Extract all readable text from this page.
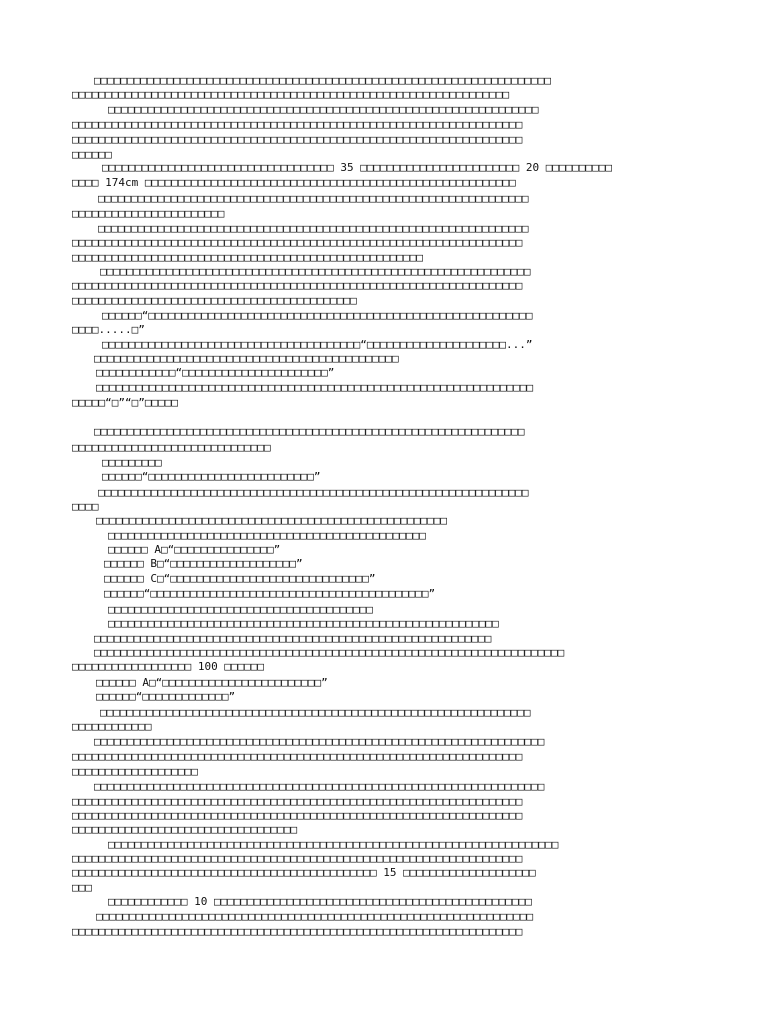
□□□□□□□□□□□□□□□□□□□□□□□□□□□□□□□□□□□□□□□□□□□□□□□□□□□□□□□□□□□□□□□□□□□□□

□□□□□□□□□□□□□□□□□□□□□□□□□□□□□□□□□□□□□□□□□□□□□□□□□□□□□□□□□□□□□□□□□□

□□□□□□□□□□□□□□□□□□□□□□□□□□□□□□□□□□□□□□□□□□□□□□□□□□□□□□□□□□□□□□□□□

□□□□□□□□□□□□□□□□□□□□□□□□□□□□□□□□□□□□□□□□□□□□□□□□□□□□□□□□□□□□□□□□□□□□

□□□□□□□□□□□□□□□□□□□□□□□□□□□□□□□□□□□□□□□□□□□□□□□□□□□□□□□□□□□□□□□□□□□□

□□□□□□

□□□□□□□□□□□□□□□□□□□□□□□□□□□□□□□□□□□ 35 □□□□□□□□□□□□□□□□□□□□□□□□ 20 □□□□□□□□□□

□□□□ 174cm □□□□□□□□□□□□□□□□□□□□□□□□□□□□□□□□□□□□□□□□□□□□□□□□□□□□□□□□

□□□□□□□□□□□□□□□□□□□□□□□□□□□□□□□□□□□□□□□□□□□□□□□□□□□□□□□□□□□□□□□□□

□□□□□□□□□□□□□□□□□□□□□□□

□□□□□□□□□□□□□□□□□□□□□□□□□□□□□□□□□□□□□□□□□□□□□□□□□□□□□□□□□□□□□□□□□

□□□□□□□□□□□□□□□□□□□□□□□□□□□□□□□□□□□□□□□□□□□□□□□□□□□□□□□□□□□□□□□□□□□□

□□□□□□□□□□□□□□□□□□□□□□□□□□□□□□□□□□□□□□□□□□□□□□□□□□□□□

□□□□□□□□□□□□□□□□□□□□□□□□□□□□□□□□□□□□□□□□□□□□□□□□□□□□□□□□□□□□□□□□□

□□□□□□□□□□□□□□□□□□□□□□□□□□□□□□□□□□□□□□□□□□□□□□□□□□□□□□□□□□□□□□□□□□□□

□□□□□□□□□□□□□□□□□□□□□□□□□□□□□□□□□□□□□□□□□□□

□□□□□□“□□□□□□□□□□□□□□□□□□□□□□□□□□□□□□□□□□□□□□□□□□□□□□□□□□□□□□□□□□

□□□□.....□”

□□□□□□□□□□□□□□□□□□□□□□□□□□□□□□□□□□□□□□□“□□□□□□□□□□□□□□□□□□□□□...”

□□□□□□□□□□□□□□□□□□□□□□□□□□□□□□□□□□□□□□□□□□□□□□

□□□□□□□□□□□□“□□□□□□□□□□□□□□□□□□□□□□”

□□□□□□□□□□□□□□□□□□□□□□□□□□□□□□□□□□□□□□□□□□□□□□□□□□□□□□□□□□□□□□□□□□

□□□□□“□”“□”□□□□□

□□□□□□□□□□□□□□□□□□□□□□□□□□□□□□□□□□□□□□□□□□□□□□□□□□□□□□□□□□□□□□□□□

□□□□□□□□□□□□□□□□□□□□□□□□□□□□□□

□□□□□□□□□

□□□□□□“□□□□□□□□□□□□□□□□□□□□□□□□□”

□□□□□□□□□□□□□□□□□□□□□□□□□□□□□□□□□□□□□□□□□□□□□□□□□□□□□□□□□□□□□□□□□

□□□□

□□□□□□□□□□□□□□□□□□□□□□□□□□□□□□□□□□□□□□□□□□□□□□□□□□□□□

□□□□□□□□□□□□□□□□□□□□□□□□□□□□□□□□□□□□□□□□□□□□□□□□

□□□□□□ A□“□□□□□□□□□□□□□□□”

□□□□□□ B□“□□□□□□□□□□□□□□□□□□□”

□□□□□□ C□“□□□□□□□□□□□□□□□□□□□□□□□□□□□□□□”

□□□□□□“□□□□□□□□□□□□□□□□□□□□□□□□□□□□□□□□□□□□□□□□□□”

□□□□□□□□□□□□□□□□□□□□□□□□□□□□□□□□□□□□□□□□

□□□□□□□□□□□□□□□□□□□□□□□□□□□□□□□□□□□□□□□□□□□□□□□□□□□□□□□□□□□

□□□□□□□□□□□□□□□□□□□□□□□□□□□□□□□□□□□□□□□□□□□□□□□□□□□□□□□□□□□□

□□□□□□□□□□□□□□□□□□□□□□□□□□□□□□□□□□□□□□□□□□□□□□□□□□□□□□□□□□□□□□□□□□□□□□□

□□□□□□□□□□□□□□□□□□ 100 □□□□□□

□□□□□□ A□“□□□□□□□□□□□□□□□□□□□□□□□□”

□□□□□□“□□□□□□□□□□□□□”

□□□□□□□□□□□□□□□□□□□□□□□□□□□□□□□□□□□□□□□□□□□□□□□□□□□□□□□□□□□□□□□□□

□□□□□□□□□□□□

□□□□□□□□□□□□□□□□□□□□□□□□□□□□□□□□□□□□□□□□□□□□□□□□□□□□□□□□□□□□□□□□□□□□

□□□□□□□□□□□□□□□□□□□□□□□□□□□□□□□□□□□□□□□□□□□□□□□□□□□□□□□□□□□□□□□□□□□□

□□□□□□□□□□□□□□□□□□□

□□□□□□□□□□□□□□□□□□□□□□□□□□□□□□□□□□□□□□□□□□□□□□□□□□□□□□□□□□□□□□□□□□□□

□□□□□□□□□□□□□□□□□□□□□□□□□□□□□□□□□□□□□□□□□□□□□□□□□□□□□□□□□□□□□□□□□□□□

□□□□□□□□□□□□□□□□□□□□□□□□□□□□□□□□□□□□□□□□□□□□□□□□□□□□□□□□□□□□□□□□□□□□

□□□□□□□□□□□□□□□□□□□□□□□□□□□□□□□□□□

□□□□□□□□□□□□□□□□□□□□□□□□□□□□□□□□□□□□□□□□□□□□□□□□□□□□□□□□□□□□□□□□□□□□

□□□□□□□□□□□□□□□□□□□□□□□□□□□□□□□□□□□□□□□□□□□□□□□□□□□□□□□□□□□□□□□□□□□□

□□□□□□□□□□□□□□□□□□□□□□□□□□□□□□□□□□□□□□□□□□□□□□ 15 □□□□□□□□□□□□□□□□□□□□

□□□

□□□□□□□□□□□□ 10 □□□□□□□□□□□□□□□□□□□□□□□□□□□□□□□□□□□□□□□□□□□□□□□□

□□□□□□□□□□□□□□□□□□□□□□□□□□□□□□□□□□□□□□□□□□□□□□□□□□□□□□□□□□□□□□□□□□

□□□□□□□□□□□□□□□□□□□□□□□□□□□□□□□□□□□□□□□□□□□□□□□□□□□□□□□□□□□□□□□□□□□□
